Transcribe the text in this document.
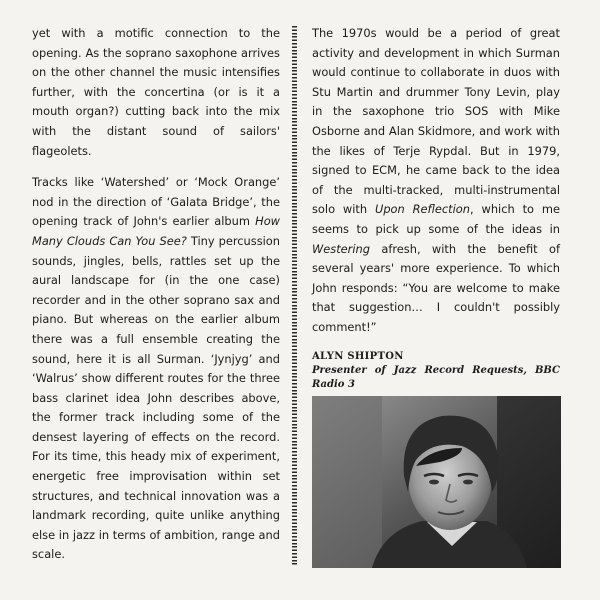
yet with a motific connection to the opening. As the soprano saxophone arrives on the other channel the music intensifies further, with the concertina (or is it a mouth organ?) cutting back into the mix with the distant sound of sailors' flageolets.

Tracks like ‘Watershed’ or ‘Mock Orange’ nod in the direction of ‘Galata Bridge’, the opening track of John's earlier album How Many Clouds Can You See? Tiny percussion sounds, jingles, bells, rattles set up the aural landscape for (in the one case) recorder and in the other soprano sax and piano. But whereas on the earlier album there was a full ensemble creating the sound, here it is all Surman. ‘Jynjyg’ and ‘Walrus’ show different routes for the three bass clarinet idea John describes above, the former track including some of the densest layering of effects on the record. For its time, this heady mix of experiment, energetic free improvisation within set structures, and technical innovation was a landmark recording, quite unlike anything else in jazz in terms of ambition, range and scale.

The 1970s would be a period of great activity and development in which Surman would continue to collaborate in duos with Stu Martin and drummer Tony Levin, play in the saxophone trio SOS with Mike Osborne and Alan Skidmore, and work with the likes of Terje Rypdal. But in 1979, signed to ECM, he came back to the idea of the multi-tracked, multi-instrumental solo with Upon Reflection, which to me seems to pick up some of the ideas in Westering afresh, with the benefit of several years' more experience. To which John responds: “You are welcome to make that suggestion… I couldn't possibly comment!”

ALYN SHIPTON
Presenter of Jazz Record Requests, BBC Radio 3
